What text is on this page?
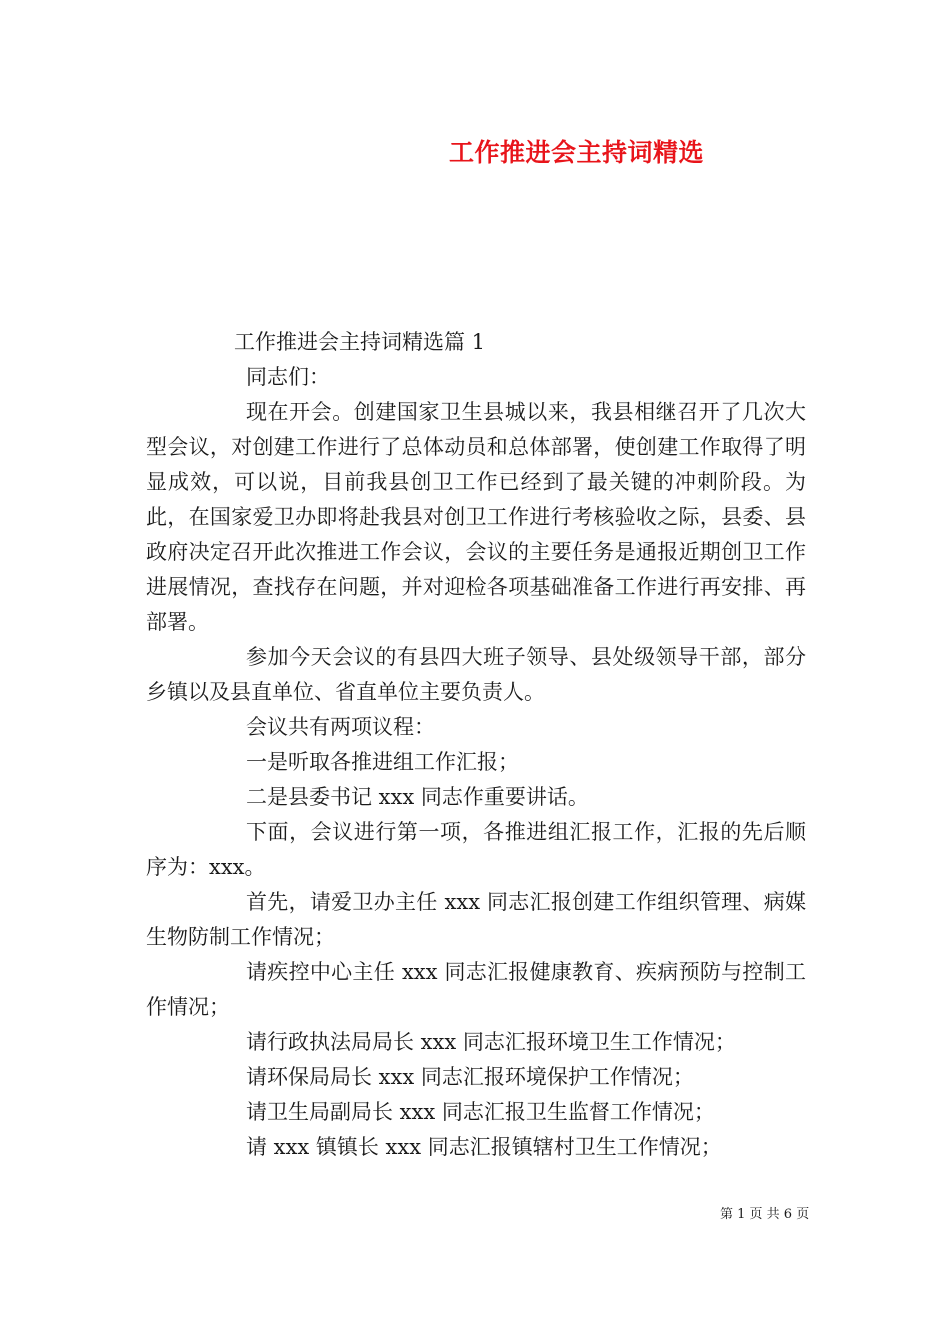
工作推进会主持词精选
工作推进会主持词精选篇 1

同志们：

现在开会。创建国家卫生县城以来，我县相继召开了几次大型会议，对创建工作进行了总体动员和总体部署，使创建工作取得了明显成效，可以说，目前我县创卫工作已经到了最关键的冲刺阶段。为此，在国家爱卫办即将赴我县对创卫工作进行考核验收之际，县委、县政府决定召开此次推进工作会议，会议的主要任务是通报近期创卫工作进展情况，查找存在问题，并对迎检各项基础准备工作进行再安排、再部署。

参加今天会议的有县四大班子领导、县处级领导干部，部分乡镇以及县直单位、省直单位主要负责人。

会议共有两项议程：

一是听取各推进组工作汇报；

二是县委书记 xxx 同志作重要讲话。

下面，会议进行第一项，各推进组汇报工作，汇报的先后顺序为：xxx。

首先，请爱卫办主任 xxx 同志汇报创建工作组织管理、病媒生物防制工作情况；

请疾控中心主任 xxx 同志汇报健康教育、疾病预防与控制工作情况；

请行政执法局局长 xxx 同志汇报环境卫生工作情况；

请环保局局长 xxx 同志汇报环境保护工作情况；

请卫生局副局长 xxx 同志汇报卫生监督工作情况；

请 xxx 镇镇长 xxx 同志汇报镇辖村卫生工作情况；

第 1 页 共 6 页
